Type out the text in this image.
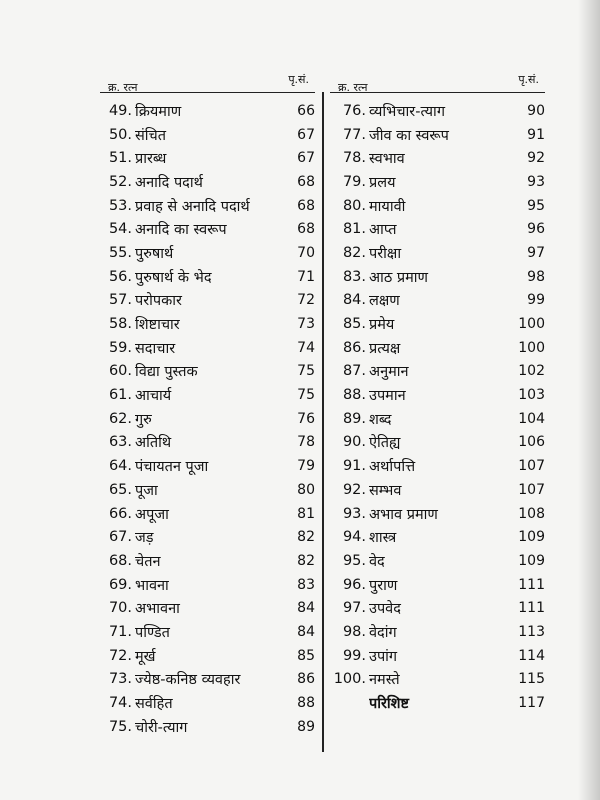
क्र. रत्न
पृ.सं.
49. क्रियमाण	66
50. संचित	67
51. प्रारब्ध	67
52. अनादि पदार्थ	68
53. प्रवाह से अनादि पदार्थ	68
54. अनादि का स्वरूप	68
55. पुरुषार्थ	70
56. पुरुषार्थ के भेद	71
57. परोपकार	72
58. शिष्टाचार	73
59. सदाचार	74
60. विद्या पुस्तक	75
61. आचार्य	75
62. गुरु	76
63. अतिथि	78
64. पंचायतन पूजा	79
65. पूजा	80
66. अपूजा	81
67. जड़	82
68. चेतन	82
69. भावना	83
70. अभावना	84
71. पण्डित	84
72. मूर्ख	85
73. ज्येष्ठ-कनिष्ठ व्यवहार	86
74. सर्वहित	88
75. चोरी-त्याग	89
क्र. रत्न
पृ.सं.
76. व्यभिचार-त्याग	90
77. जीव का स्वरूप	91
78. स्वभाव	92
79. प्रलय	93
80. मायावी	95
81. आप्त	96
82. परीक्षा	97
83. आठ प्रमाण	98
84. लक्षण	99
85. प्रमेय	100
86. प्रत्यक्ष	100
87. अनुमान	102
88. उपमान	103
89. शब्द	104
90. ऐतिह्य	106
91. अर्थापत्ति	107
92. सम्भव	107
93. अभाव प्रमाण	108
94. शास्त्र	109
95. वेद	109
96. पुराण	111
97. उपवेद	111
98. वेदांग	113
99. उपांग	114
100. नमस्ते	115
परिशिष्ट	117
